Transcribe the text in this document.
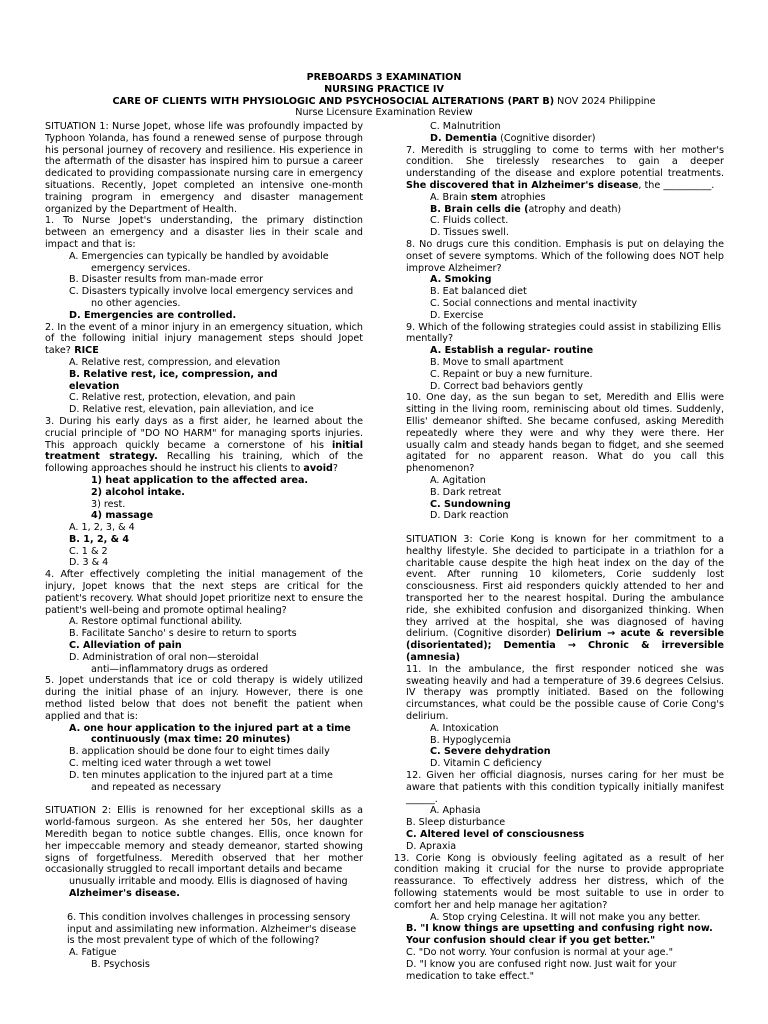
PREBOARDS 3 EXAMINATION
NURSING PRACTICE IV
CARE OF CLIENTS WITH PHYSIOLOGIC AND PSYCHOSOCIAL ALTERATIONS (PART B) NOV 2024 Philippine
Nurse Licensure Examination Review

SITUATION 1: Nurse Jopet, whose life was profoundly impacted by Typhoon Yolanda, has found a renewed sense of purpose through his personal journey of recovery and resilience. His experience in the aftermath of the disaster has inspired him to pursue a career dedicated to providing compassionate nursing care in emergency situations. Recently, Jopet completed an intensive one-month training program in emergency and disaster management organized by the Department of Health.

1. To Nurse Jopet's understanding, the primary distinction between an emergency and a disaster lies in their scale and impact and that is:

A. Emergencies can typically be handled by avoidable
emergency services.
B. Disaster results from man-made error
C. Disasters typically involve local emergency services and
no other agencies.
D. Emergencies are controlled.

2. In the event of a minor injury in an emergency situation, which of the following initial injury management steps should Jopet take? RICE

A. Relative rest, compression, and elevation
B. Relative rest, ice, compression, and
elevation
C. Relative rest, protection, elevation, and pain
D. Relative rest, elevation, pain alleviation, and ice

3. During his early days as a first aider, he learned about the crucial principle of "DO NO HARM" for managing sports injuries. This approach quickly became a cornerstone of his initial treatment strategy. Recalling his training, which of the following approaches should he instruct his clients to avoid?

1) heat application to the affected area.
2) alcohol intake.
3) rest.
4) massage
A. 1, 2, 3, & 4
B. 1, 2, & 4
C. 1 & 2
D. 3 & 4

4. After effectively completing the initial management of the injury, Jopet knows that the next steps are critical for the patient's recovery. What should Jopet prioritize next to ensure the patient's well-being and promote optimal healing?

A. Restore optimal functional ability.
B. Facilitate Sancho' s desire to return to sports
C. Alleviation of pain
D. Administration of oral non—steroidal
anti—inflammatory drugs as ordered

5. Jopet understands that ice or cold therapy is widely utilized during the initial phase of an injury. However, there is one method listed below that does not benefit the patient when applied and that is:

A. one hour application to the injured part at a time
continuously (max time: 20 minutes)
B. application should be done four to eight times daily
C. melting iced water through a wet towel
D. ten minutes application to the injured part at a time
and repeated as necessary

SITUATION 2: Ellis is renowned for her exceptional skills as a world-famous surgeon. As she entered her 50s, her daughter Meredith began to notice subtle changes. Ellis, once known for her impeccable memory and steady demeanor, started showing signs of forgetfulness. Meredith observed that her mother occasionally struggled to recall important details and became

unusually irritable and moody. Ellis is diagnosed of having
Alzheimer's disease.

6. This condition involves challenges in processing sensory input and assimilating new information. Alzheimer's disease is the most prevalent type of which of the following?

A. Fatigue
B. Psychosis
C. Malnutrition
D. Dementia (Cognitive disorder)

7. Meredith is struggling to come to terms with her mother's condition. She tirelessly researches to gain a deeper understanding of the disease and explore potential treatments. She discovered that in Alzheimer's disease, the __________.

A. Brain stem atrophies
B. Brain cells die (atrophy and death)
C. Fluids collect.
D. Tissues swell.

8. No drugs cure this condition. Emphasis is put on delaying the onset of severe symptoms. Which of the following does NOT help improve Alzheimer?

A. Smoking
B. Eat balanced diet
C. Social connections and mental inactivity
D. Exercise

9. Which of the following strategies could assist in stabilizing Ellis mentally?

A. Establish a regular- routine
B. Move to small apartment
C. Repaint or buy a new furniture.
D. Correct bad behaviors gently

10. One day, as the sun began to set, Meredith and Ellis were sitting in the living room, reminiscing about old times. Suddenly, Ellis' demeanor shifted. She became confused, asking Meredith repeatedly where they were and why they were there. Her usually calm and steady hands began to fidget, and she seemed agitated for no apparent reason. What do you call this phenomenon?

A. Agitation
B. Dark retreat
C. Sundowning
D. Dark reaction

SITUATION 3: Corie Kong is known for her commitment to a healthy lifestyle. She decided to participate in a triathlon for a charitable cause despite the high heat index on the day of the event. After running 10 kilometers, Corie suddenly lost consciousness. First aid responders quickly attended to her and transported her to the nearest hospital. During the ambulance ride, she exhibited confusion and disorganized thinking. When they arrived at the hospital, she was diagnosed of having delirium. (Cognitive disorder) Delirium → acute & reversible (disorientated); Dementia → Chronic & irreversible (amnesia)

11. In the ambulance, the first responder noticed she was sweating heavily and had a temperature of 39.6 degrees Celsius. IV therapy was promptly initiated. Based on the following circumstances, what could be the possible cause of Corie Cong's delirium.

A. Intoxication
B. Hypoglycemia
C. Severe dehydration
D. Vitamin C deficiency

12. Given her official diagnosis, nurses caring for her must be aware that patients with this condition typically initially manifest ______.

A. Aphasia
B. Sleep disturbance
C. Altered level of consciousness
D. Apraxia

13. Corie Kong is obviously feeling agitated as a result of her condition making it crucial for the nurse to provide appropriate reassurance. To effectively address her distress, which of the following statements would be most suitable to use in order to comfort her and help manage her agitation?

A. Stop crying Celestina. It will not make you any better.
B. "I know things are upsetting and confusing right now. Your confusion should clear if you get better."
C. "Do not worry. Your confusion is normal at your age."
D. "I know you are confused right now. Just wait for your medication to take effect."
